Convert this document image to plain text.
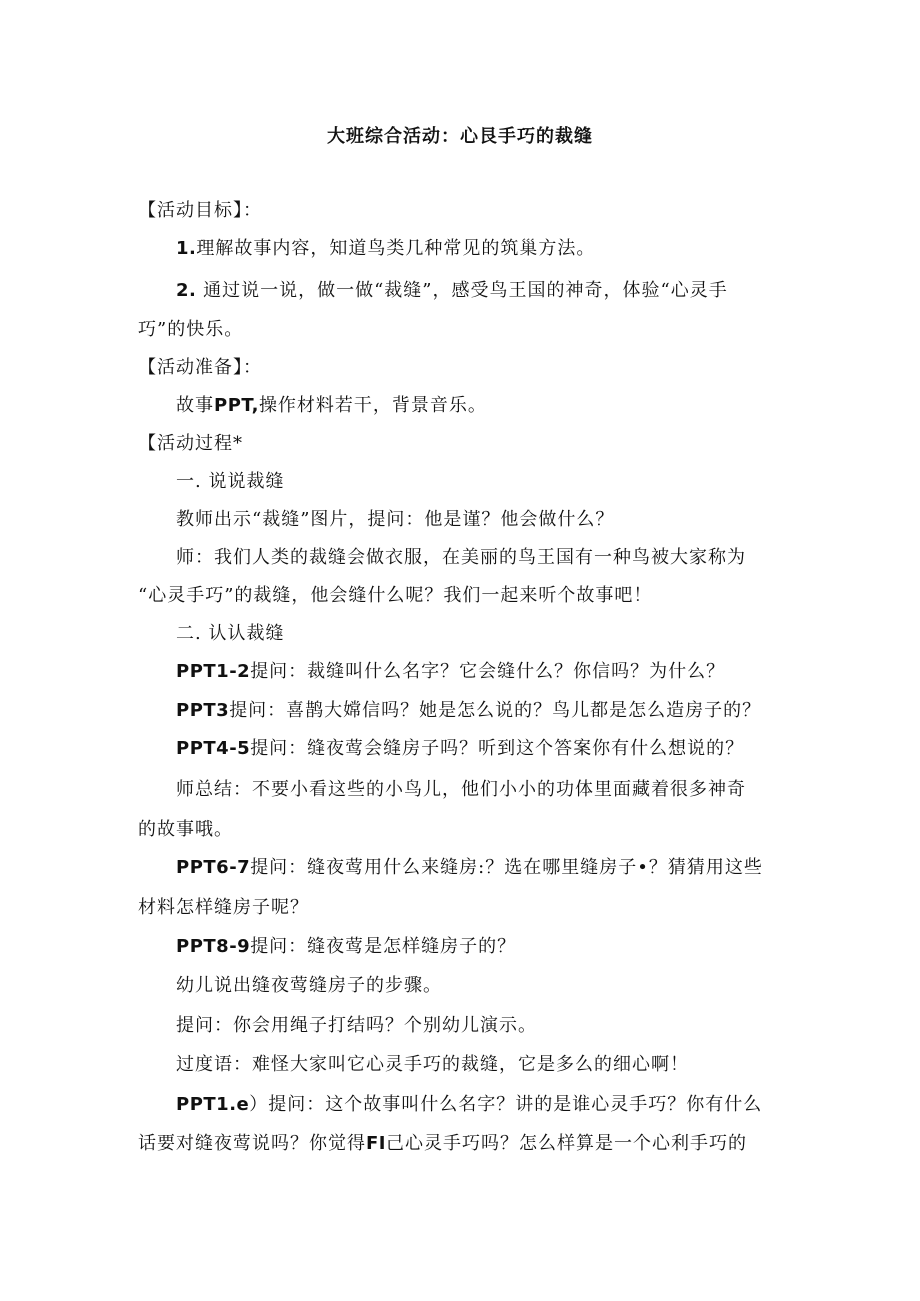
大班综合活动：心艮手巧的裁缝
【活动目标】：
1.理解故事内容，知道鸟类几种常见的筑巢方法。
2. 通过说一说，做一做“裁缝”，感受鸟王国的神奇，体验“心灵手
巧”的快乐。
【活动准备】：
故事PPT,操作材料若干，背景音乐。
【活动过程*
一. 说说裁缝
教师出示“裁缝”图片，提问：他是谨？他会做什么？
师：我们人类的裁缝会做衣服，在美丽的鸟王国有一种鸟被大家称为
“心灵手巧”的裁缝，他会缝什么呢？我们一起来听个故事吧！
二. 认认裁缝
PPT1-2提问：裁缝叫什么名字？它会缝什么？你信吗？为什么？
PPT3提问：喜鹊大嫦信吗？她是怎么说的？鸟儿都是怎么造房子的？
PPT4-5提问：缝夜莺会缝房子吗？听到这个答案你有什么想说的？
师总结：不要小看这些的小鸟儿，他们小小的功体里面藏着很多神奇
的故事哦。
PPT6-7提问：缝夜莺用什么来缝房:？选在哪里缝房子•？猜猜用这些
材料怎样缝房子呢？
PPT8-9提问：缝夜莺是怎样缝房子的？
幼儿说出缝夜莺缝房子的步骤。
提问：你会用绳子打结吗？个别幼儿演示。
过度语：难怪大家叫它心灵手巧的裁缝，它是多么的细心啊！
PPT1.e）提问：这个故事叫什么名字？讲的是谁心灵手巧？你有什么
话要对缝夜莺说吗？你觉得FI己心灵手巧吗？怎么样算是一个心利手巧的
